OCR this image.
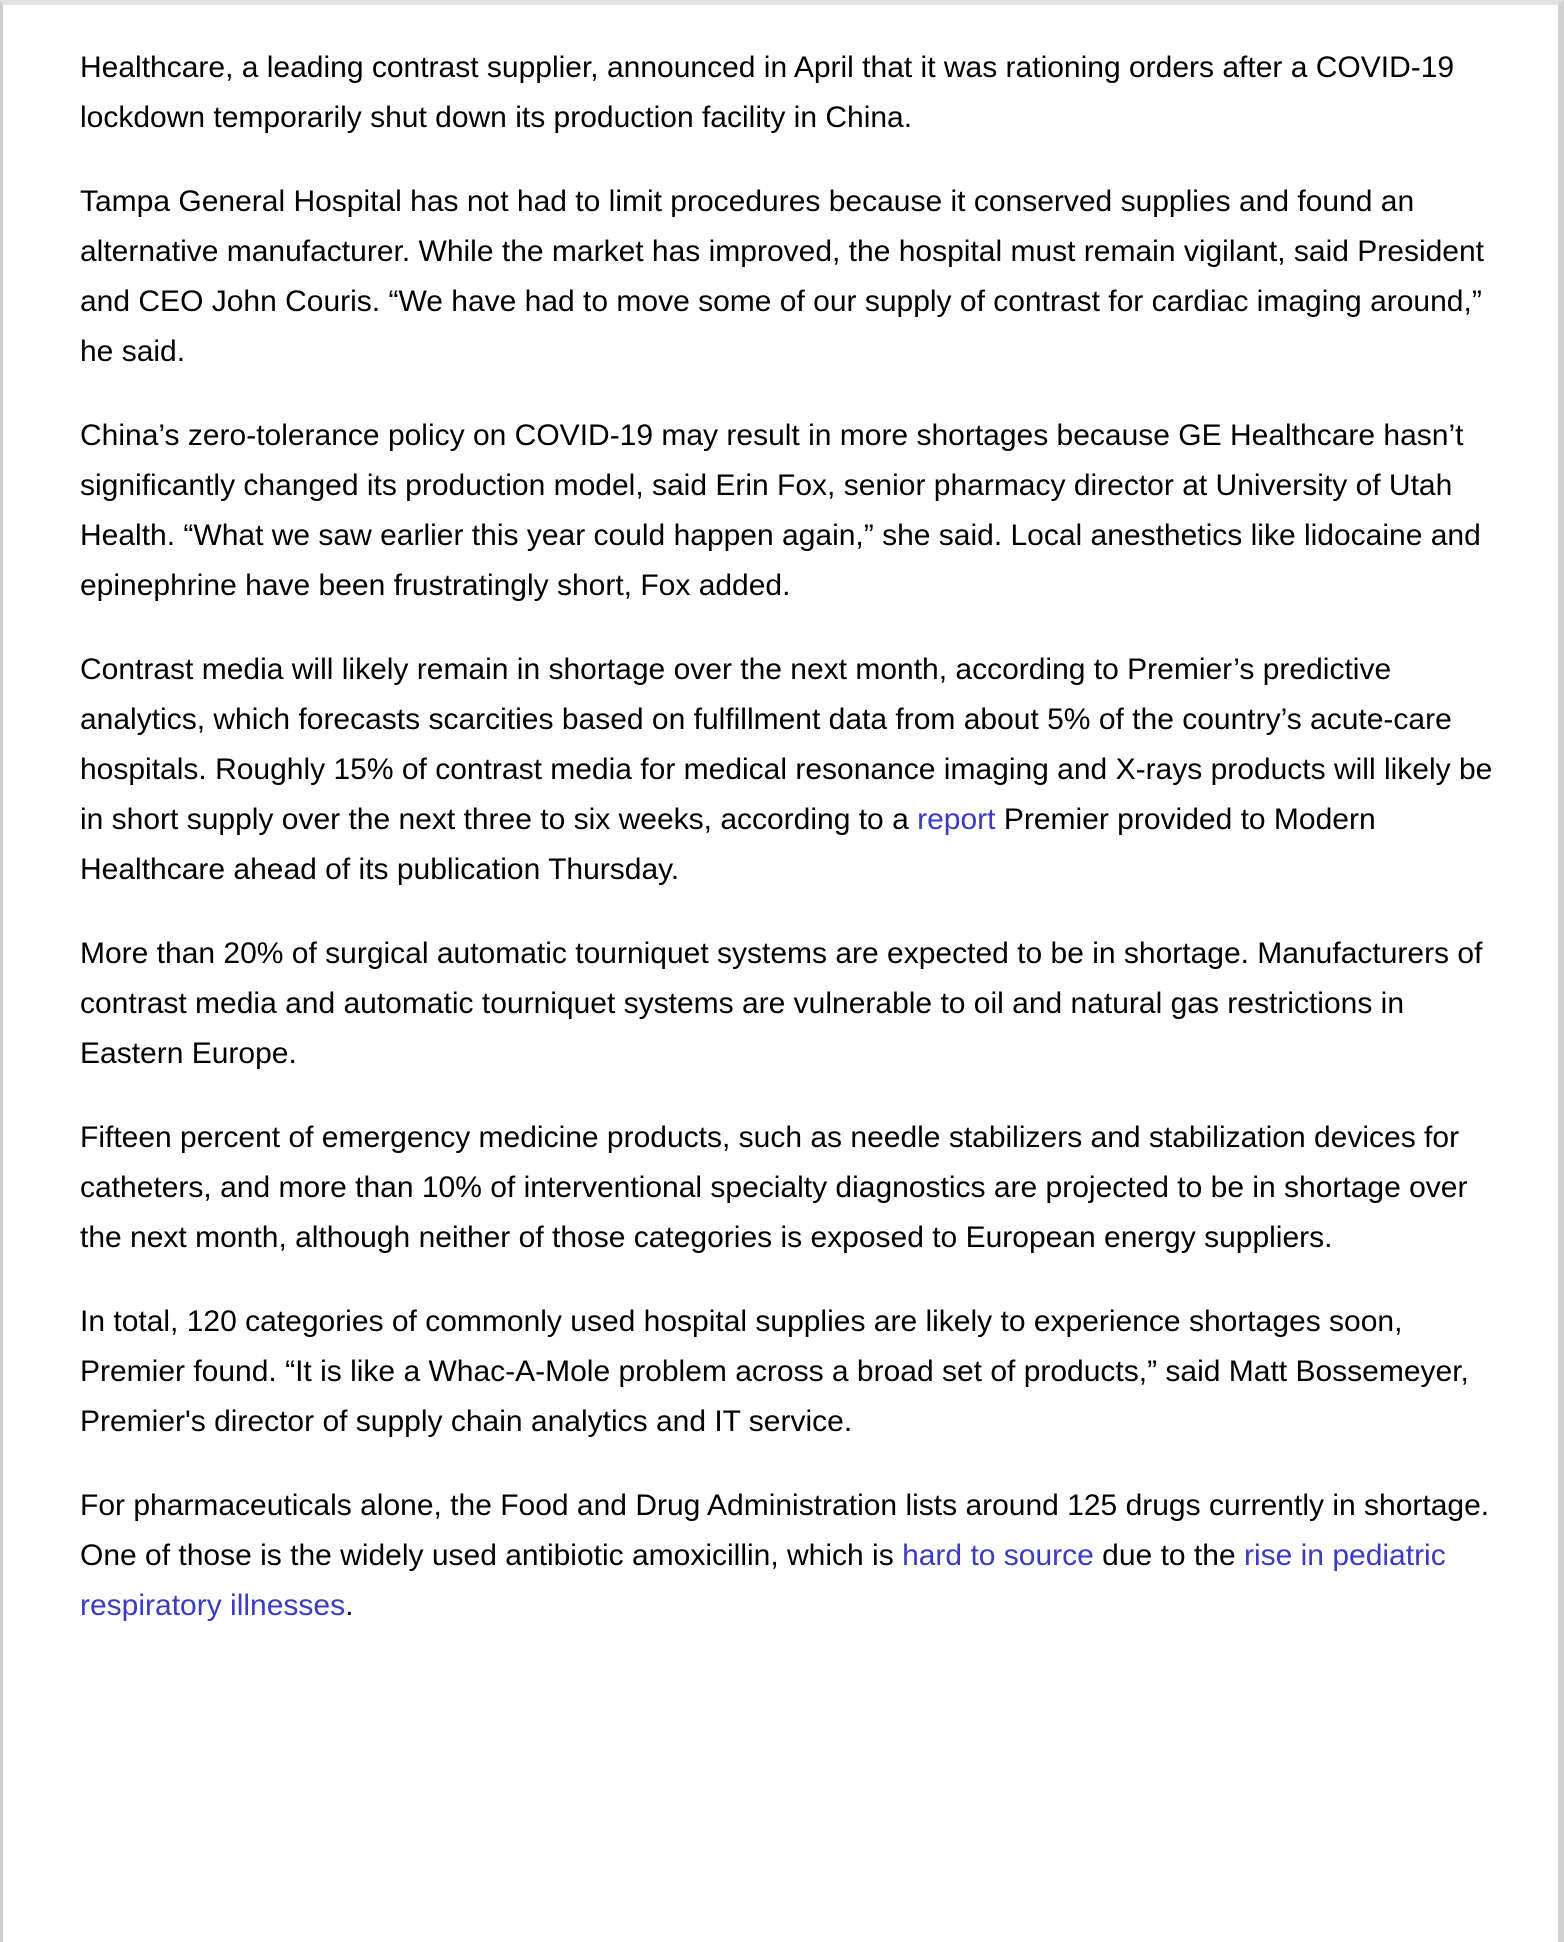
Healthcare, a leading contrast supplier, announced in April that it was rationing orders after a COVID-19 lockdown temporarily shut down its production facility in China.

Tampa General Hospital has not had to limit procedures because it conserved supplies and found an alternative manufacturer. While the market has improved, the hospital must remain vigilant, said President and CEO John Couris. “We have had to move some of our supply of contrast for cardiac imaging around,” he said.

China’s zero-tolerance policy on COVID-19 may result in more shortages because GE Healthcare hasn’t significantly changed its production model, said Erin Fox, senior pharmacy director at University of Utah Health. “What we saw earlier this year could happen again,” she said. Local anesthetics like lidocaine and epinephrine have been frustratingly short, Fox added.

Contrast media will likely remain in shortage over the next month, according to Premier’s predictive analytics, which forecasts scarcities based on fulfillment data from about 5% of the country’s acute-care hospitals. Roughly 15% of contrast media for medical resonance imaging and X-rays products will likely be in short supply over the next three to six weeks, according to a report Premier provided to Modern Healthcare ahead of its publication Thursday.

More than 20% of surgical automatic tourniquet systems are expected to be in shortage. Manufacturers of contrast media and automatic tourniquet systems are vulnerable to oil and natural gas restrictions in Eastern Europe.

Fifteen percent of emergency medicine products, such as needle stabilizers and stabilization devices for catheters, and more than 10% of interventional specialty diagnostics are projected to be in shortage over the next month, although neither of those categories is exposed to European energy suppliers.

In total, 120 categories of commonly used hospital supplies are likely to experience shortages soon, Premier found. “It is like a Whac-A-Mole problem across a broad set of products,” said Matt Bossemeyer, Premier's director of supply chain analytics and IT service.

For pharmaceuticals alone, the Food and Drug Administration lists around 125 drugs currently in shortage. One of those is the widely used antibiotic amoxicillin, which is hard to source due to the rise in pediatric respiratory illnesses.
